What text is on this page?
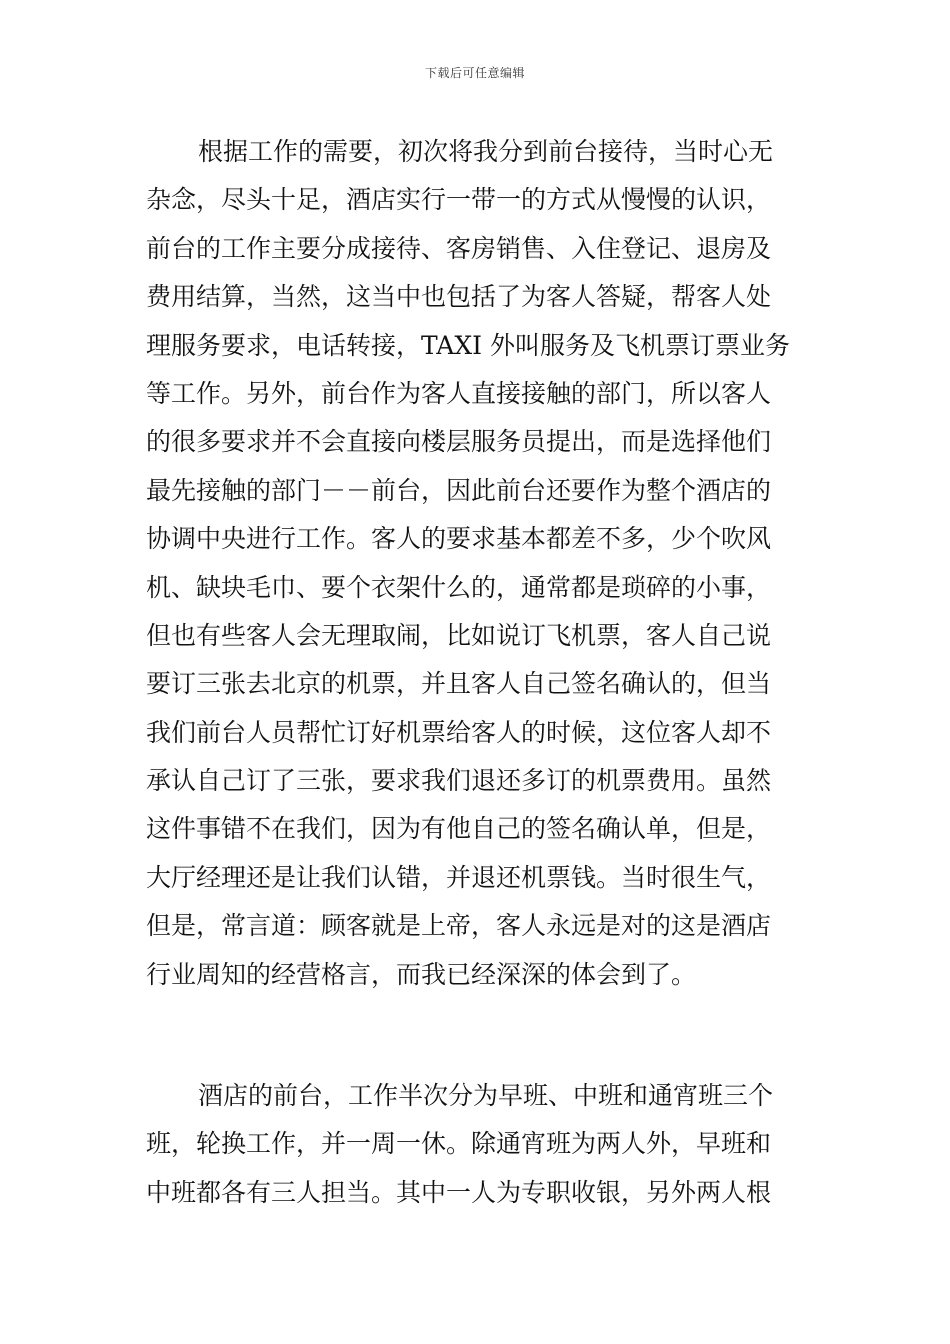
下载后可任意编辑
根据工作的需要，初次将我分到前台接待，当时心无
杂念，尽头十足，酒店实行一带一的方式从慢慢的认识，
前台的工作主要分成接待、客房销售、入住登记、退房及
费用结算，当然，这当中也包括了为客人答疑，帮客人处
理服务要求，电话转接，TAXI 外叫服务及飞机票订票业务
等工作。另外，前台作为客人直接接触的部门，所以客人
的很多要求并不会直接向楼层服务员提出，而是选择他们
最先接触的部门－－前台，因此前台还要作为整个酒店的
协调中央进行工作。客人的要求基本都差不多，少个吹风
机、缺块毛巾、要个衣架什么的，通常都是琐碎的小事，
但也有些客人会无理取闹，比如说订飞机票，客人自己说
要订三张去北京的机票，并且客人自己签名确认的，但当
我们前台人员帮忙订好机票给客人的时候，这位客人却不
承认自己订了三张，要求我们退还多订的机票费用。虽然
这件事错不在我们，因为有他自己的签名确认单，但是，
大厅经理还是让我们认错，并退还机票钱。当时很生气，
但是，常言道：顾客就是上帝，客人永远是对的这是酒店
行业周知的经营格言，而我已经深深的体会到了。
酒店的前台，工作半次分为早班、中班和通宵班三个
班，轮换工作，并一周一休。除通宵班为两人外，早班和
中班都各有三人担当。其中一人为专职收银，另外两人根
